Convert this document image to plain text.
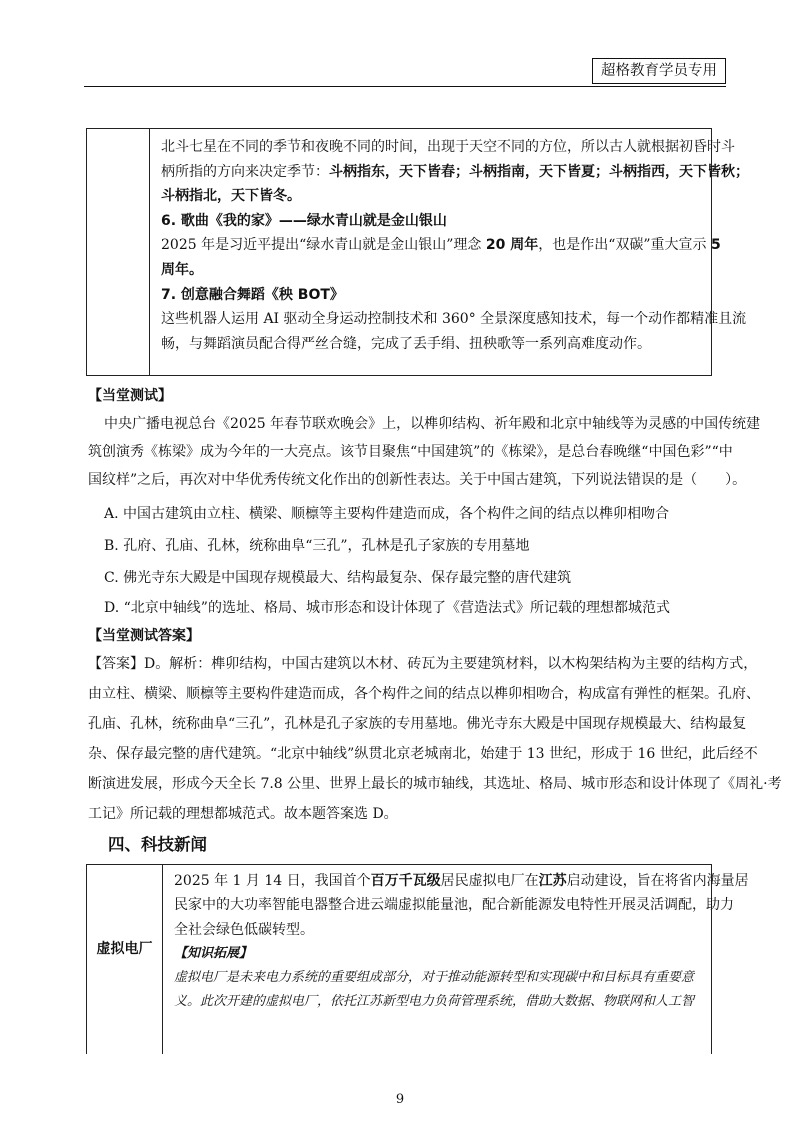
超格教育学员专用
北斗七星在不同的季节和夜晚不同的时间，出现于天空不同的方位，所以古人就根据初昏时斗
柄所指的方向来决定季节：斗柄指东，天下皆春；斗柄指南，天下皆夏；斗柄指西，天下皆秋；
斗柄指北，天下皆冬。
6. 歌曲《我的家》——绿水青山就是金山银山
2025 年是习近平提出“绿水青山就是金山银山”理念 20 周年，也是作出“双碳”重大宣示 5
周年。
7. 创意融合舞蹈《秧 BOT》
这些机器人运用 AI 驱动全身运动控制技术和 360° 全景深度感知技术，每一个动作都精准且流
畅，与舞蹈演员配合得严丝合缝，完成了丢手绢、扭秧歌等一系列高难度动作。
【当堂测试】
中央广播电视总台《2025 年春节联欢晚会》上，以榫卯结构、祈年殿和北京中轴线等为灵感的中国传统建
筑创演秀《栋梁》成为今年的一大亮点。该节目聚焦“中国建筑”的《栋梁》，是总台春晚继“中国色彩”“中
国纹样”之后，再次对中华优秀传统文化作出的创新性表达。关于中国古建筑，下列说法错误的是（　　）。
A. 中国古建筑由立柱、横梁、顺檩等主要构件建造而成，各个构件之间的结点以榫卯相吻合
B. 孔府、孔庙、孔林，统称曲阜“三孔”，孔林是孔子家族的专用墓地
C. 佛光寺东大殿是中国现存规模最大、结构最复杂、保存最完整的唐代建筑
D. “北京中轴线”的选址、格局、城市形态和设计体现了《营造法式》所记载的理想都城范式
【当堂测试答案】
【答案】D。解析：榫卯结构，中国古建筑以木材、砖瓦为主要建筑材料，以木构架结构为主要的结构方式，
由立柱、横梁、顺檩等主要构件建造而成，各个构件之间的结点以榫卯相吻合，构成富有弹性的框架。孔府、
孔庙、孔林，统称曲阜“三孔”，孔林是孔子家族的专用墓地。佛光寺东大殿是中国现存规模最大、结构最复
杂、保存最完整的唐代建筑。“北京中轴线”纵贯北京老城南北，始建于 13 世纪，形成于 16 世纪，此后经不
断演进发展，形成今天全长 7.8 公里、世界上最长的城市轴线，其选址、格局、城市形态和设计体现了《周礼·考
工记》所记载的理想都城范式。故本题答案选 D。
四、科技新闻
虚拟电厂
2025 年 1 月 14 日，我国首个百万千瓦级居民虚拟电厂在江苏启动建设，旨在将省内海量居
民家中的大功率智能电器整合进云端虚拟能量池，配合新能源发电特性开展灵活调配，助力
全社会绿色低碳转型。
【知识拓展】
虚拟电厂是未来电力系统的重要组成部分，对于推动能源转型和实现碳中和目标具有重要意
义。此次开建的虚拟电厂，依托江苏新型电力负荷管理系统，借助大数据、物联网和人工智
9
